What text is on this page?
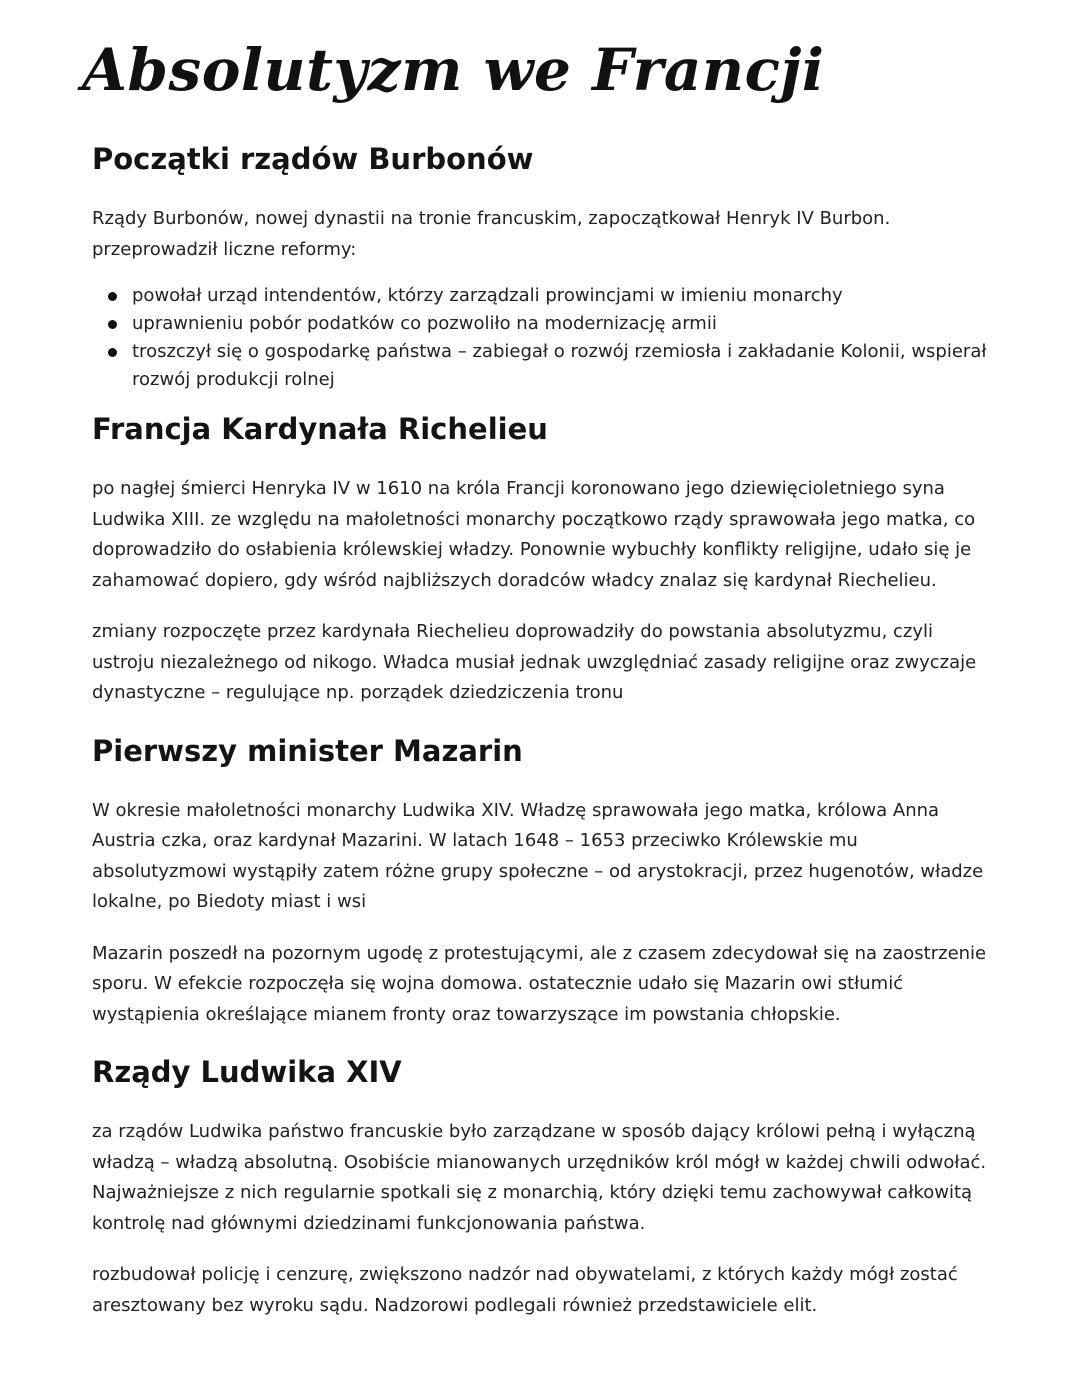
Absolutyzm we Francji
Początki rządów Burbonów

Rządy Burbonów, nowej dynastii na tronie francuskim, zapoczątkował Henryk IV Burbon. przeprowadził liczne reformy:

powołał urząd intendentów, którzy zarządzali prowincjami w imieniu monarchy
uprawnieniu pobór podatków co pozwoliło na modernizację armii
troszczył się o gospodarkę państwa – zabiegał o rozwój rzemiosła i zakładanie Kolonii, wspierał rozwój produkcji rolnej
Francja Kardynała Richelieu

po nagłej śmierci Henryka IV w 1610 na króla Francji koronowano jego dziewięcioletniego syna Ludwika XIII. ze względu na małoletności monarchy początkowo rządy sprawowała jego matka, co doprowadziło do osłabienia królewskiej władzy. Ponownie wybuchły konflikty religijne, udało się je zahamować dopiero, gdy wśród najbliższych doradców władcy znalaz się kardynał Riechelieu.

zmiany rozpoczęte przez kardynała Riechelieu doprowadziły do powstania absolutyzmu, czyli ustroju niezależnego od nikogo. Władca musiał jednak uwzględniać zasady religijne oraz zwyczaje dynastyczne – regulujące np. porządek dziedziczenia tronu

Pierwszy minister Mazarin

W okresie małoletności monarchy Ludwika XIV. Władzę sprawowała jego matka, królowa Anna Austria czka, oraz kardynał Mazarini. W latach 1648 – 1653 przeciwko Królewskie mu absolutyzmowi wystąpiły zatem różne grupy społeczne – od arystokracji, przez hugenotów, władze lokalne, po Biedoty miast i wsi

Mazarin poszedł na pozornym ugodę z protestującymi, ale z czasem zdecydował się na zaostrzenie sporu. W efekcie rozpoczęła się wojna domowa. ostatecznie udało się Mazarin owi stłumić wystąpienia określające mianem fronty oraz towarzyszące im powstania chłopskie.

Rządy Ludwika XIV

za rządów Ludwika państwo francuskie było zarządzane w sposób dający królowi pełną i wyłączną władzą – władzą absolutną. Osobiście mianowanych urzędników król mógł w każdej chwili odwołać. Najważniejsze z nich regularnie spotkali się z monarchią, który dzięki temu zachowywał całkowitą kontrolę nad głównymi dziedzinami funkcjonowania państwa.

rozbudował policję i cenzurę, zwiększono nadzór nad obywatelami, z których każdy mógł zostać aresztowany bez wyroku sądu. Nadzorowi podlegali również przedstawiciele elit.
